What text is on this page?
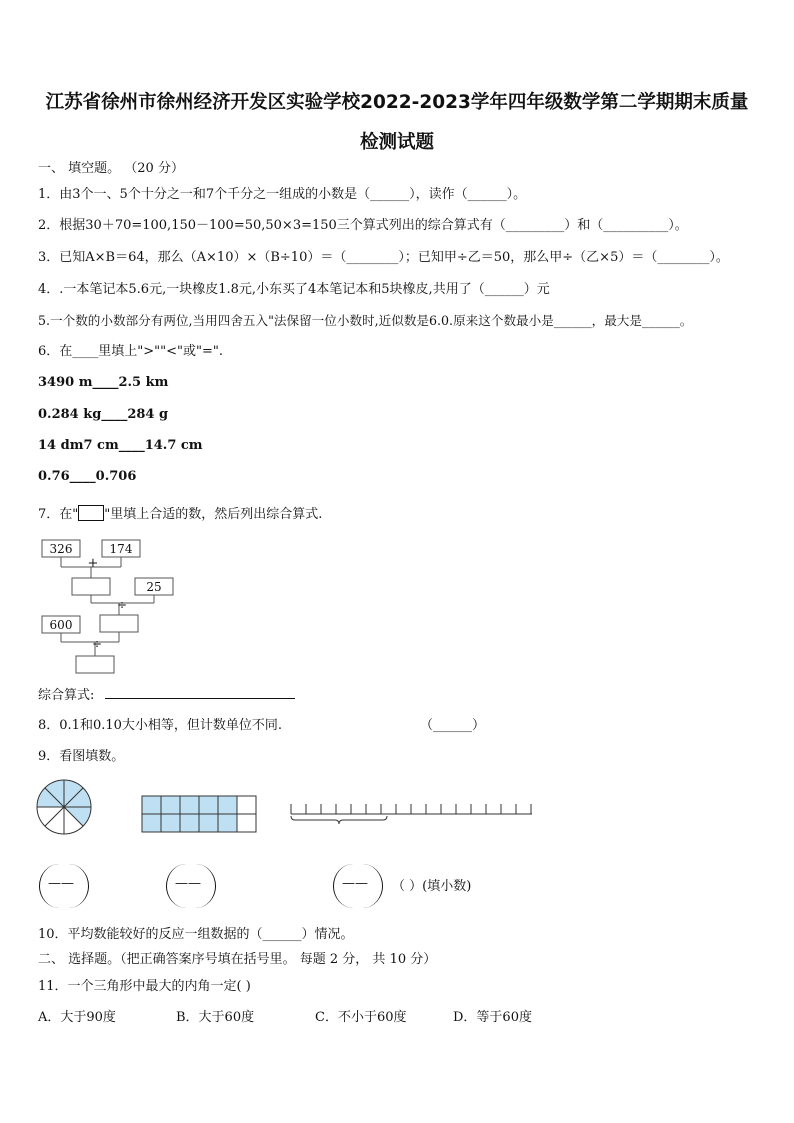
江苏省徐州市徐州经济开发区实验学校2022-2023学年四年级数学第二学期期末质量
检测试题
一、 填空题。 （20 分）
1．由3个一、5个十分之一和7个千分之一组成的小数是（______），读作（______）。
2．根据30＋70=100,150－100=50,50×3=150三个算式列出的综合算式有（_________）和（__________）。
3．已知A×B＝64，那么（A×10）×（B÷10）＝（________）；已知甲÷乙＝50，那么甲÷（乙×5）＝（________）。
4．.一本笔记本5.6元,一块橡皮1.8元,小东买了4本笔记本和5块橡皮,共用了（______）元
5.一个数的小数部分有两位,当用四舍五入"法保留一位小数时,近似数是6.0.原来这个数最小是______，最大是______。
6．在____里填上">""<"或"=".
3490 m____2.5 km
0.284 kg____284 g
14 dm7 cm____14.7 cm
0.76____0.706
7．在" "里填上合适的数，然后列出综合算式.
326	174
25
600
+
÷
÷
综合算式:
8．0.1和0.10大小相等，但计数单位不同.	（______）
9．看图填数。
——	——	—— （ ）(填小数)
10．平均数能较好的反应一组数据的（______）情况。
二、 选择题。（把正确答案序号填在括号里。 每题 2 分， 共 10 分）
11．一个三角形中最大的内角一定( )
A．大于90度	B．大于60度	C．不小于60度	D．等于60度
